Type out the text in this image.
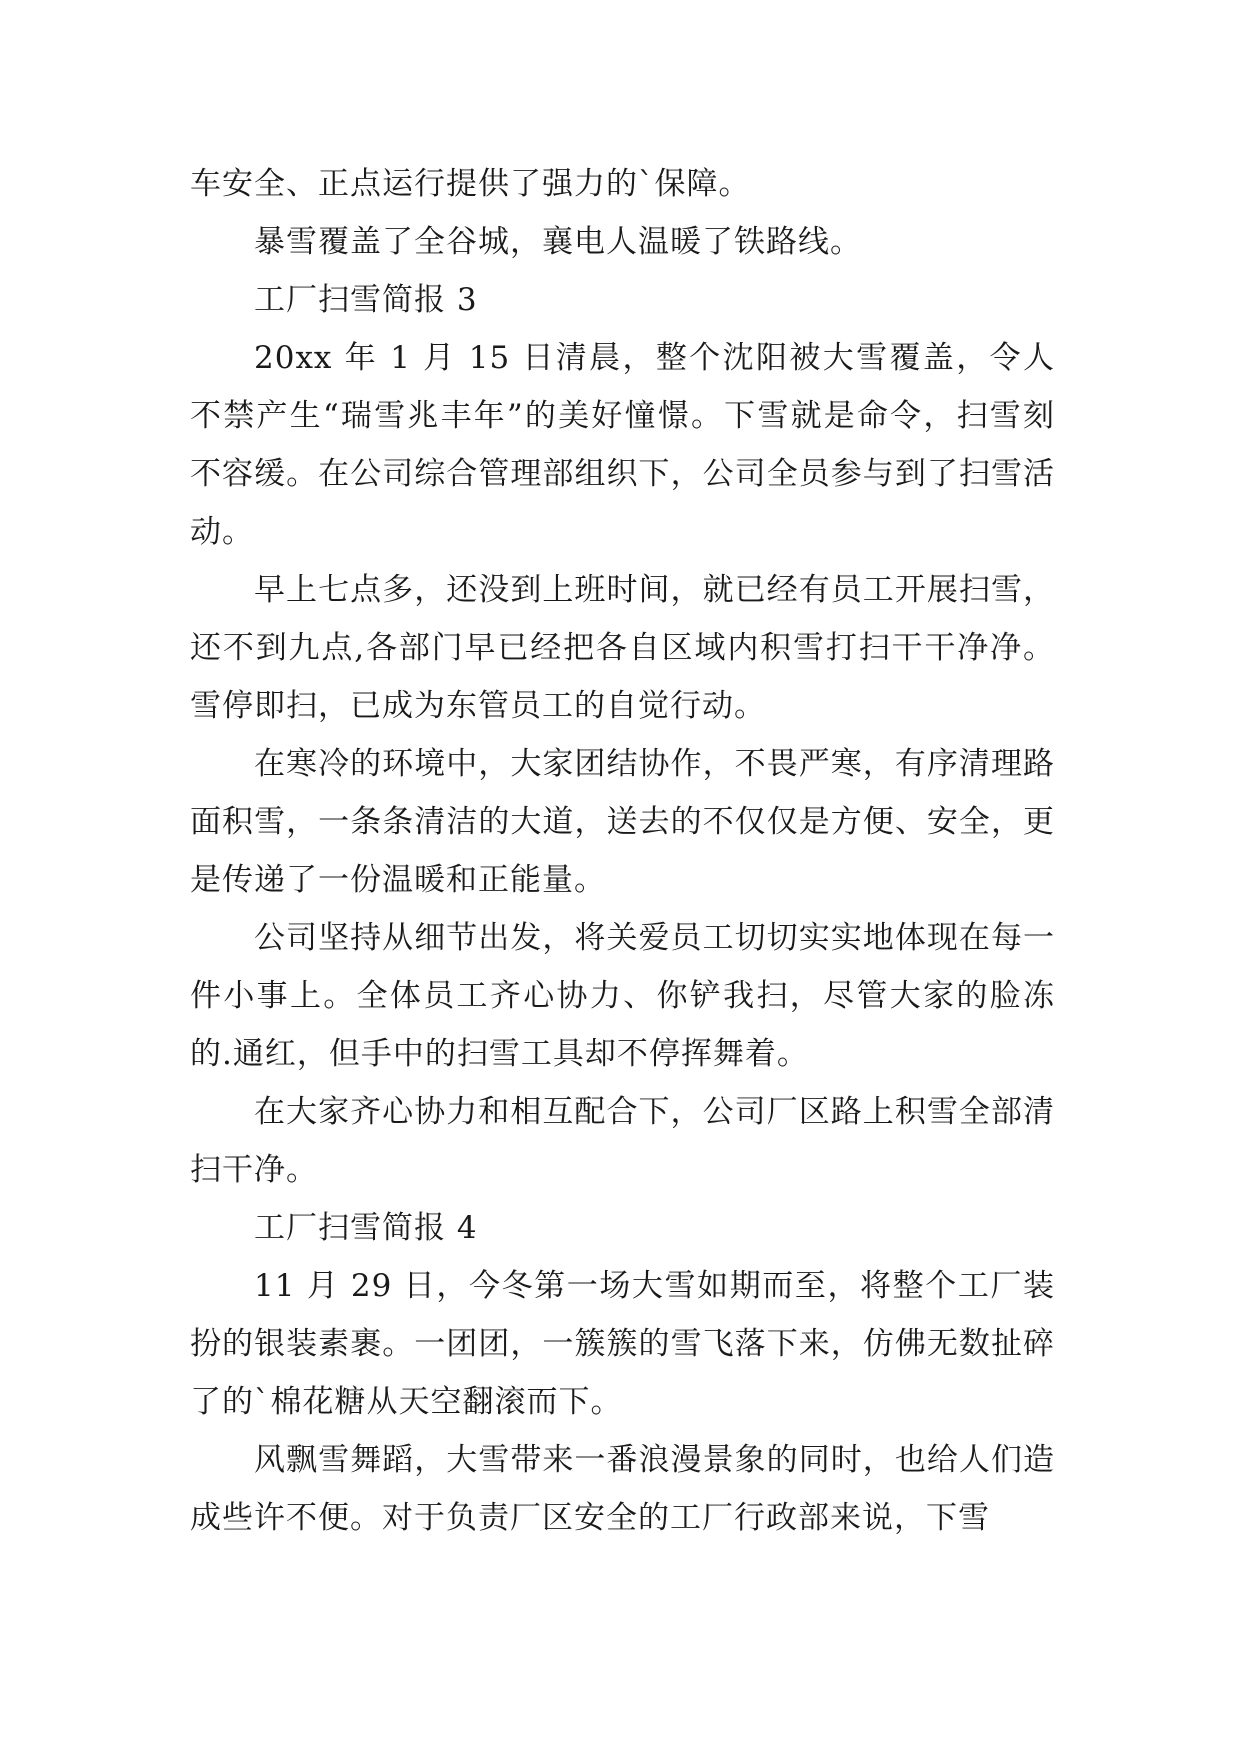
车安全、正点运行提供了强力的`保障。

暴雪覆盖了全谷城，襄电人温暖了铁路线。

工厂扫雪简报 3

20xx 年 1 月 15 日清晨，整个沈阳被大雪覆盖，令人不禁产生“瑞雪兆丰年”的美好憧憬。下雪就是命令，扫雪刻不容缓。在公司综合管理部组织下，公司全员参与到了扫雪活动。

早上七点多，还没到上班时间，就已经有员工开展扫雪，还不到九点,各部门早已经把各自区域内积雪打扫干干净净。雪停即扫，已成为东管员工的自觉行动。

在寒冷的环境中，大家团结协作，不畏严寒，有序清理路面积雪，一条条清洁的大道，送去的不仅仅是方便、安全，更是传递了一份温暖和正能量。

公司坚持从细节出发，将关爱员工切切实实地体现在每一件小事上。全体员工齐心协力、你铲我扫，尽管大家的脸冻的.通红，但手中的扫雪工具却不停挥舞着。

在大家齐心协力和相互配合下，公司厂区路上积雪全部清扫干净。

工厂扫雪简报 4

11 月 29 日，今冬第一场大雪如期而至，将整个工厂装扮的银装素裹。一团团，一簇簇的雪飞落下来，仿佛无数扯碎了的`棉花糖从天空翻滚而下。

风飘雪舞蹈，大雪带来一番浪漫景象的同时，也给人们造成些许不便。对于负责厂区安全的工厂行政部来说，下雪
